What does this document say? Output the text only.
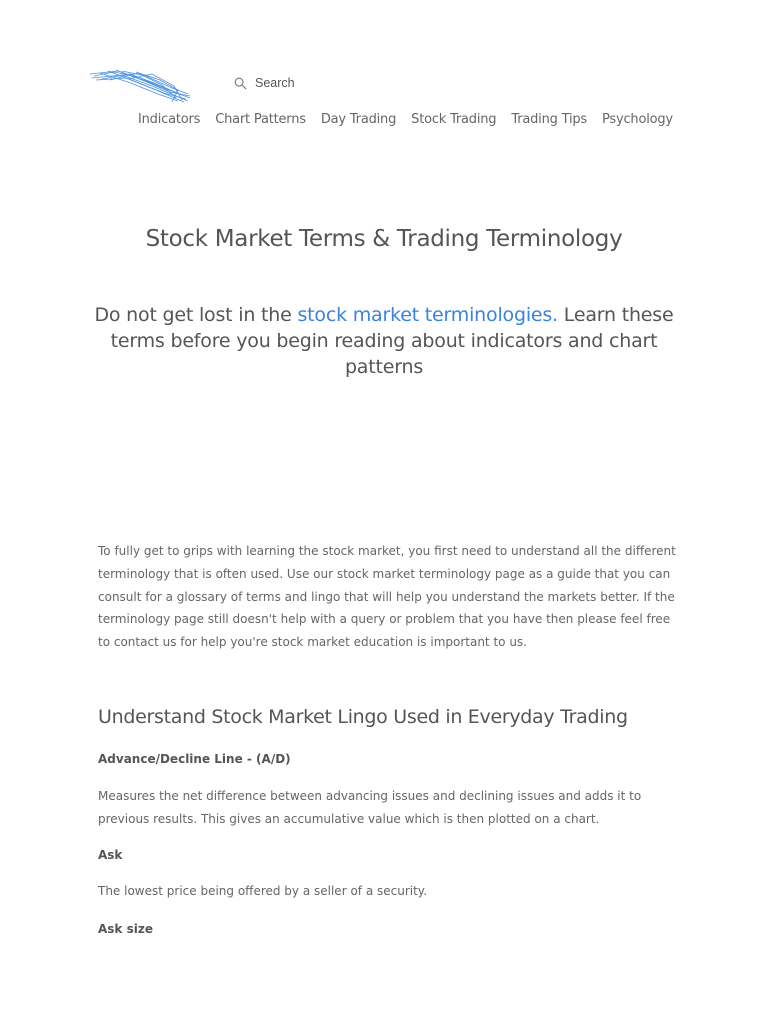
Search
Indicators Chart Patterns Day Trading Stock Trading Trading Tips Psychology
Stock Market Terms & Trading Terminology

Do not get lost in the stock market terminologies. Learn these terms before you begin reading about indicators and chart patterns

To fully get to grips with learning the stock market, you first need to understand all the different terminology that is often used. Use our stock market terminology page as a guide that you can consult for a glossary of terms and lingo that will help you understand the markets better. If the terminology page still doesn't help with a query or problem that you have then please feel free to contact us for help you're stock market education is important to us.

Understand Stock Market Lingo Used in Everyday Trading

Advance/Decline Line - (A/D)

Measures the net difference between advancing issues and declining issues and adds it to previous results. This gives an accumulative value which is then plotted on a chart.

Ask

The lowest price being offered by a seller of a security.

Ask size
